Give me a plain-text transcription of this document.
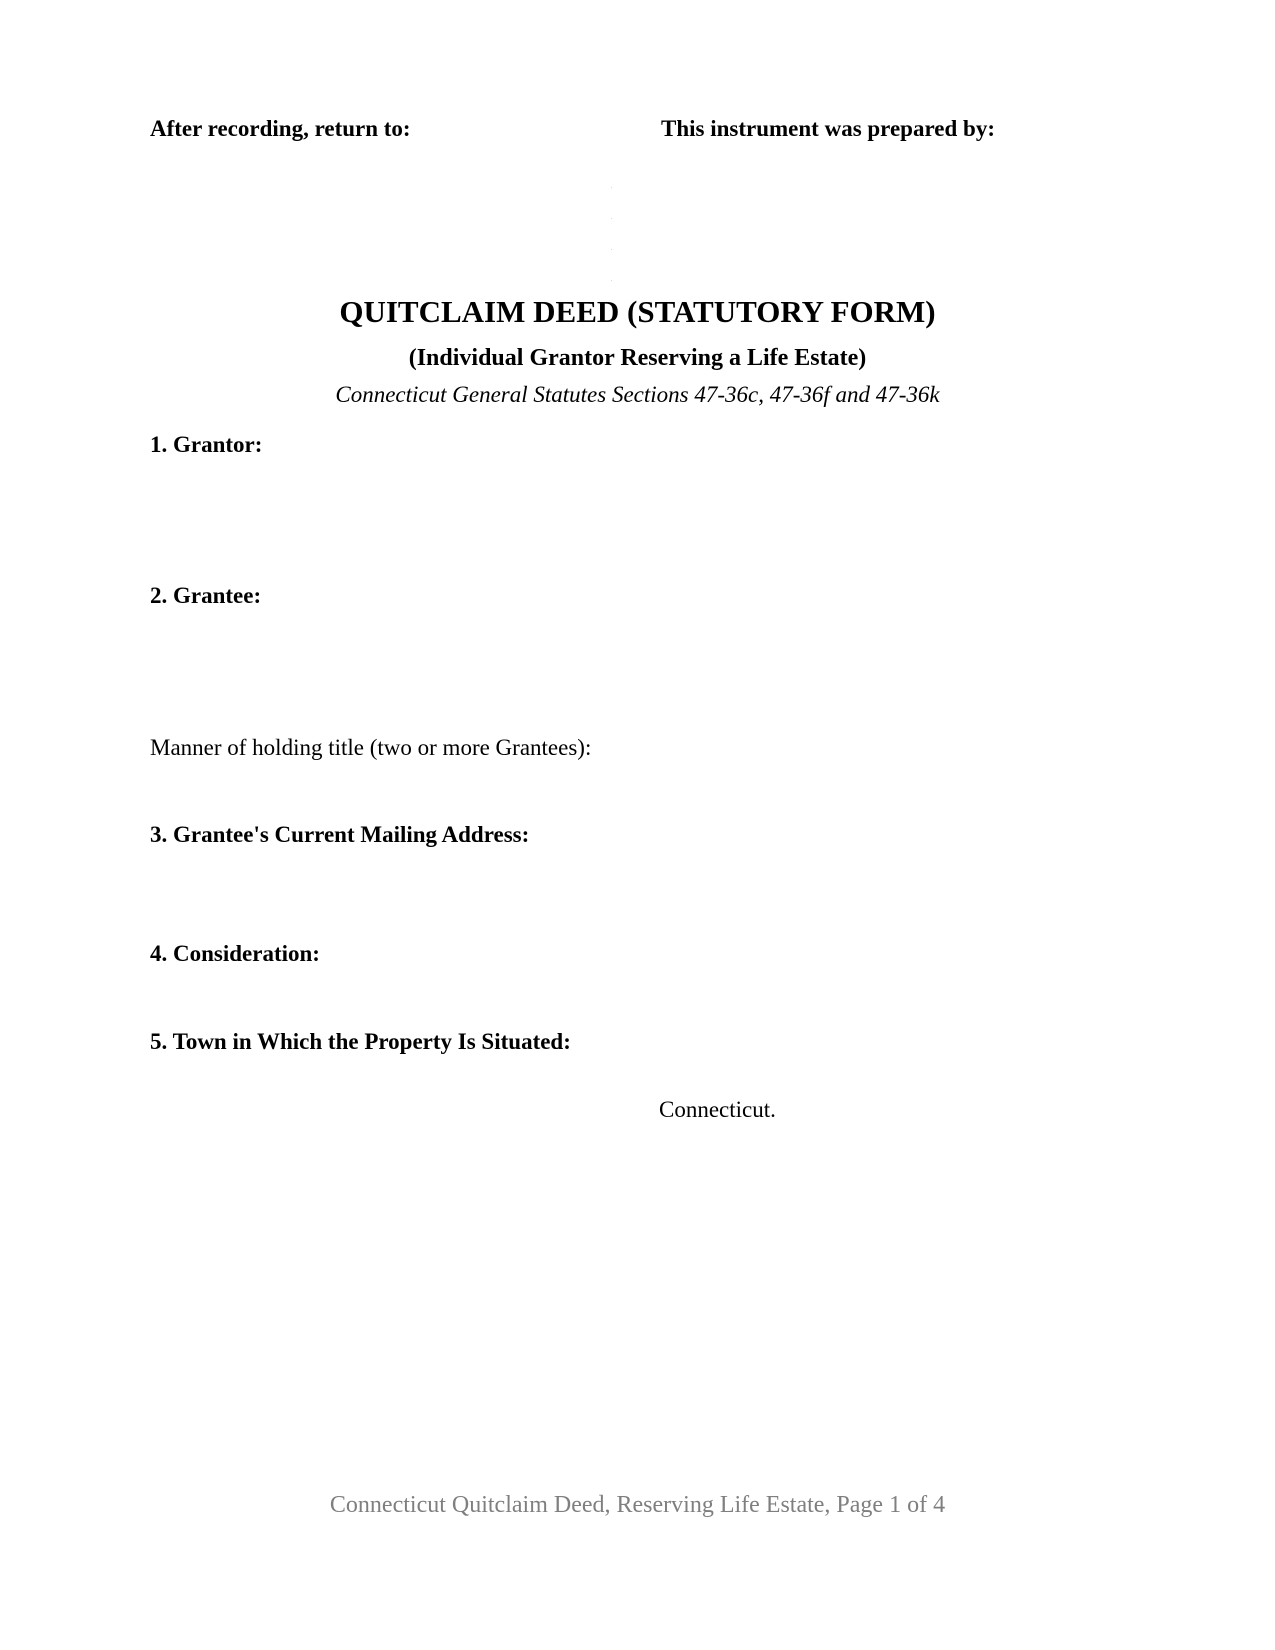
After recording, return to:	This instrument was prepared by:
QUITCLAIM DEED (STATUTORY FORM)
(Individual Grantor Reserving a Life Estate)
Connecticut General Statutes Sections 47-36c, 47-36f and 47-36k
1. Grantor:
2. Grantee:
Manner of holding title (two or more Grantees):
3. Grantee's Current Mailing Address:
4. Consideration:
5. Town in Which the Property Is Situated:
Connecticut.
Connecticut Quitclaim Deed, Reserving Life Estate, Page 1 of 4
